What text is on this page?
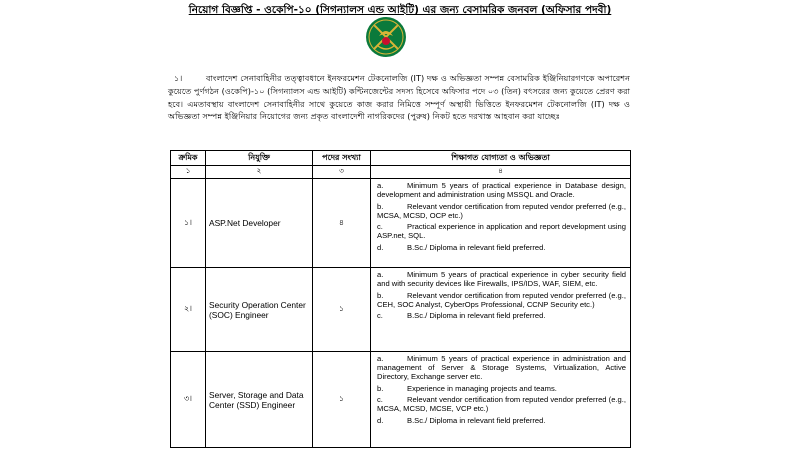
নিয়োগ বিজ্ঞপ্তি - ওকেপি-১০ (সিগন্যালস এন্ড আইটি) এর জন্য বেসামরিক জনবল (অফিসার পদবী)
১।	বাংলাদেশ সেনাবাহিনীর তত্ত্বাবধানে ইনফরমেশন টেকনোলজি (IT) দক্ষ ও অভিজ্ঞতা সম্পন্ন বেসামরিক ইঞ্জিনিয়ারগণকে অপারেশন কুয়েতে পুর্ণগঠন (ওকেপি)-১০ (সিগন্যালস এন্ড আইটি) কন্টিনজেন্টের সদস্য হিসেবে অফিসার পদে ০৩ (তিন) বৎসরের জন্য কুয়েতে প্রেরণ করা হবে। এমতাবস্থায় বাংলাদেশ সেনাবাহিনীর সাথে কুয়েতে কাজ করার নিমিত্তে সম্পূর্ণ অস্থায়ী ভিত্তিতে ইনফরমেশন টেকনোলজি (IT) দক্ষ ও অভিজ্ঞতা সম্পন্ন ইঞ্জিনিয়ার নিয়োগের জন্য প্রকৃত বাংলাদেশী নাগরিকদের (পুরুষ) নিকট হতে দরখাস্ত আহবান করা যাচ্ছেঃ
ক্রমিক	নিযুক্তি	পদের সংখ্যা	শিক্ষাগত যোগ্যতা ও অভিজ্ঞতা
১	২	৩	৪
১।	ASP.Net Developer	৪	a. Minimum 5 years of practical experience in Database design, development and administration using MSSQL and Oracle.

b. Relevant vendor certification from reputed vendor preferred (e.g., MCSA, MCSD, OCP etc.)

c. Practical experience in application and report development using ASP.net, SQL.

d. B.Sc./ Diploma in relevant field preferred.

২।	Security Operation Center (SOC) Engineer	১	a. Minimum 5 years of practical experience in cyber security field and with security devices like Firewalls, IPS/IDS, WAF, SIEM, etc.

b. Relevant vendor certification from reputed vendor preferred (e.g., CEH, SOC Analyst, CyberOps Professional, CCNP Security etc.)

c. B.Sc./ Diploma in relevant field preferred.

৩।	Server, Storage and Data Center (SSD) Engineer	১	a. Minimum 5 years of practical experience in administration and management of Server & Storage Systems, Virtualization, Active Directory, Exchange server etc.

b. Experience in managing projects and teams.

c. Relevant vendor certification from reputed vendor preferred (e.g., MCSA, MCSD, MCSE, VCP etc.)

d. B.Sc./ Diploma in relevant field preferred.
